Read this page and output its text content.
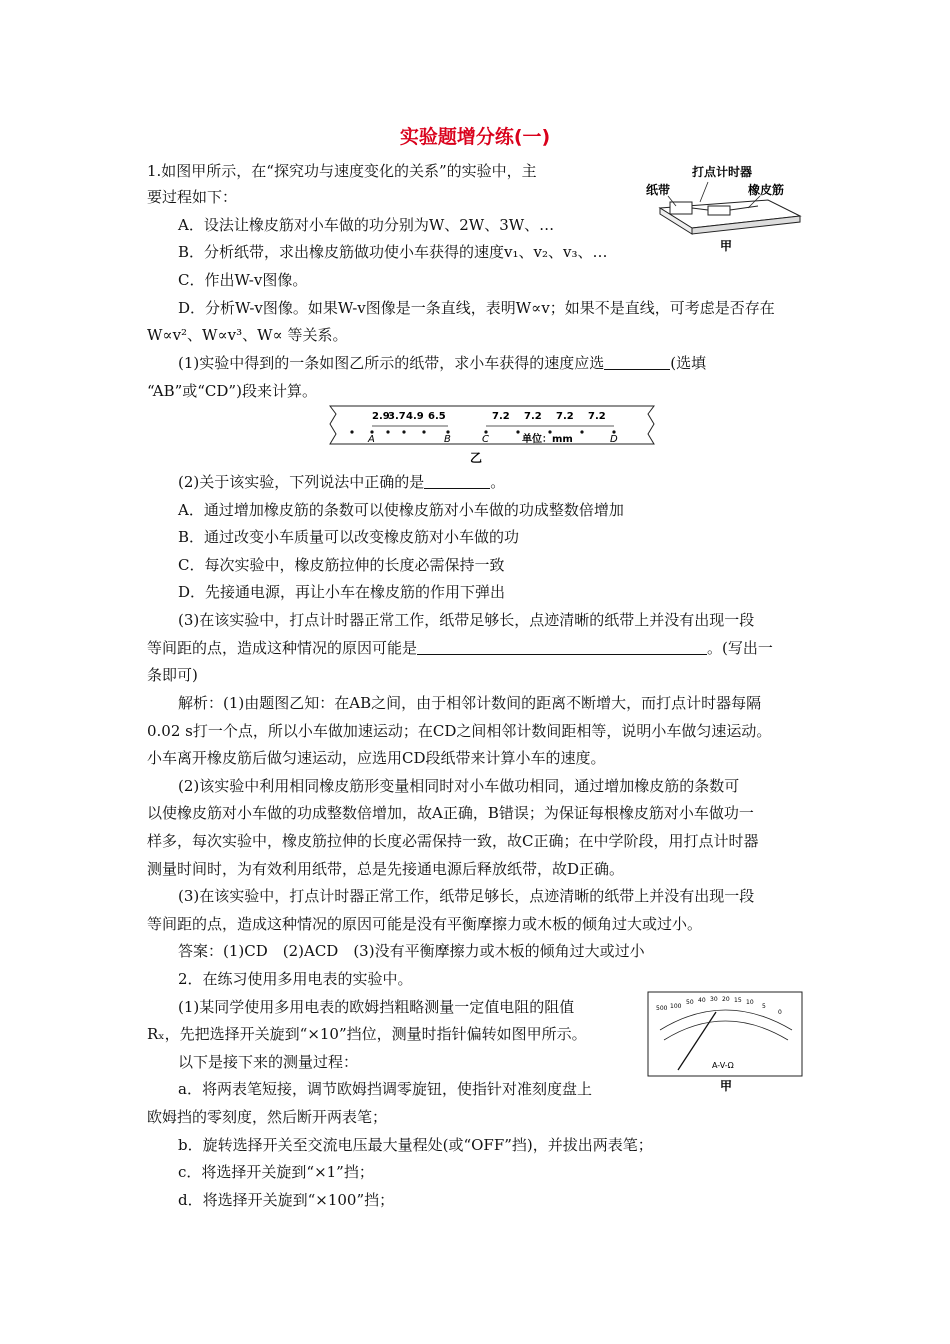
实验题增分练(一)
打点计时器
纸带	橡皮筋
甲
2.9
3.7 4.9 6.5	7.2 7.2 7.2 7.2
A	B	C	D
单位：mm
乙
500 100
50 40 30 20 15 10
5
0
A-V-Ω
甲
1.如图甲所示，在“探究功与速度变化的关系”的实验中，主
要过程如下：
A．设法让橡皮筋对小车做的功分别为W、2W、3W、…
B．分析纸带，求出橡皮筋做功使小车获得的速度v₁、v₂、v₃、…
C．作出W-v图像。
D．分析W-v图像。如果W-v图像是一条直线，表明W∝v；如果不是直线，可考虑是否存在
W∝v²、W∝v³、W∝ 等关系。
(1)实验中得到的一条如图乙所示的纸带，求小车获得的速度应选	(选填
“AB”或“CD”)段来计算。
(2)关于该实验，下列说法中正确的是	。
A．通过增加橡皮筋的条数可以使橡皮筋对小车做的功成整数倍增加
B．通过改变小车质量可以改变橡皮筋对小车做的功
C．每次实验中，橡皮筋拉伸的长度必需保持一致
D．先接通电源，再让小车在橡皮筋的作用下弹出
(3)在该实验中，打点计时器正常工作，纸带足够长，点迹清晰的纸带上并没有出现一段
等间距的点，造成这种情况的原因可能是	。(写出一
条即可)
解析：(1)由题图乙知：在AB之间，由于相邻计数间的距离不断增大，而打点计时器每隔
0.02 s打一个点，所以小车做加速运动；在CD之间相邻计数间距相等，说明小车做匀速运动。
小车离开橡皮筋后做匀速运动，应选用CD段纸带来计算小车的速度。
(2)该实验中利用相同橡皮筋形变量相同时对小车做功相同，通过增加橡皮筋的条数可
以使橡皮筋对小车做的功成整数倍增加，故A正确，B错误；为保证每根橡皮筋对小车做功一
样多，每次实验中，橡皮筋拉伸的长度必需保持一致，故C正确；在中学阶段，用打点计时器
测量时间时，为有效利用纸带，总是先接通电源后释放纸带，故D正确。
(3)在该实验中，打点计时器正常工作，纸带足够长，点迹清晰的纸带上并没有出现一段
等间距的点，造成这种情况的原因可能是没有平衡摩擦力或木板的倾角过大或过小。
答案：(1)CD　(2)ACD　(3)没有平衡摩擦力或木板的倾角过大或过小
2．在练习使用多用电表的实验中。
(1)某同学使用多用电表的欧姆挡粗略测量一定值电阻的阻值
Rₓ，先把选择开关旋到“×10”挡位，测量时指针偏转如图甲所示。
以下是接下来的测量过程：
a．将两表笔短接，调节欧姆挡调零旋钮，使指针对准刻度盘上
欧姆挡的零刻度，然后断开两表笔；
b．旋转选择开关至交流电压最大量程处(或“OFF”挡)，并拔出两表笔；
c．将选择开关旋到“×1”挡；
d．将选择开关旋到“×100”挡；
